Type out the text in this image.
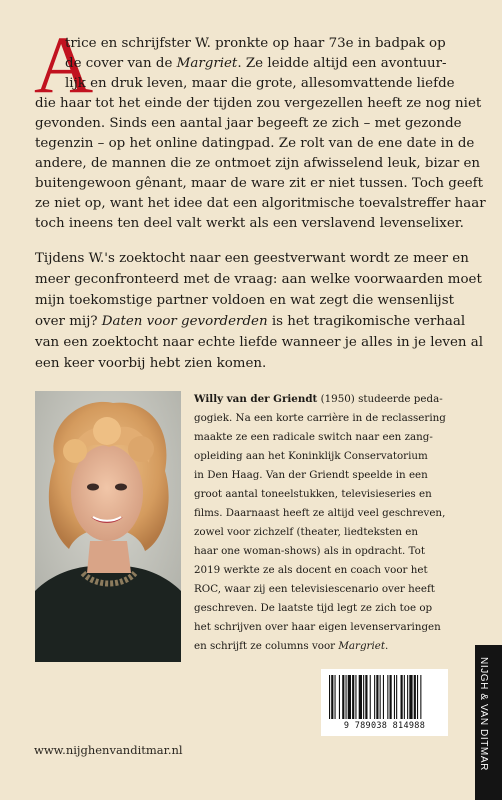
A
trice en schrijfster W. pronkte op haar 73e in badpak op
de cover van de Margriet. Ze leidde altijd een avontuur-
lijk en druk leven, maar die grote, allesomvattende liefde
die haar tot het einde der tijden zou vergezellen heeft ze nog niet
gevonden. Sinds een aantal jaar begeeft ze zich – met gezonde
tegenzin – op het online datingpad. Ze rolt van de ene date in de
andere, de mannen die ze ontmoet zijn afwisselend leuk, bizar en
buitengewoon gênant, maar de ware zit er niet tussen. Toch geeft
ze niet op, want het idee dat een algoritmische toevalstreffer haar
toch ineens ten deel valt werkt als een verslavend levenselixer.
Tijdens W.'s zoektocht naar een geestverwant wordt ze meer en
meer geconfronteerd met de vraag: aan welke voorwaarden moet
mijn toekomstige partner voldoen en wat zegt die wensenlijst
over mij? Daten voor gevorderden is het tragikomische verhaal
van een zoektocht naar echte liefde wanneer je alles in je leven al
een keer voorbij hebt zien komen.
Willy van der Griendt (1950) studeerde peda-
gogiek. Na een korte carrière in de reclassering
maakte ze een radicale switch naar een zang-
opleiding aan het Koninklijk Conservatorium
in Den Haag. Van der Griendt speelde in een
groot aantal toneelstukken, televisieseries en
films. Daarnaast heeft ze altijd veel geschreven,
zowel voor zichzelf (theater, liedteksten en
haar one woman-shows) als in opdracht. Tot
2019 werkte ze als docent en coach voor het
ROC, waar zij een televisiescenario over heeft
geschreven. De laatste tijd legt ze zich toe op
het schrijven over haar eigen levenservaringen
en schrijft ze columns voor Margriet.
9 789038 814988	NIJGH & VAN DITMAR
www.nijghenvanditmar.nl
